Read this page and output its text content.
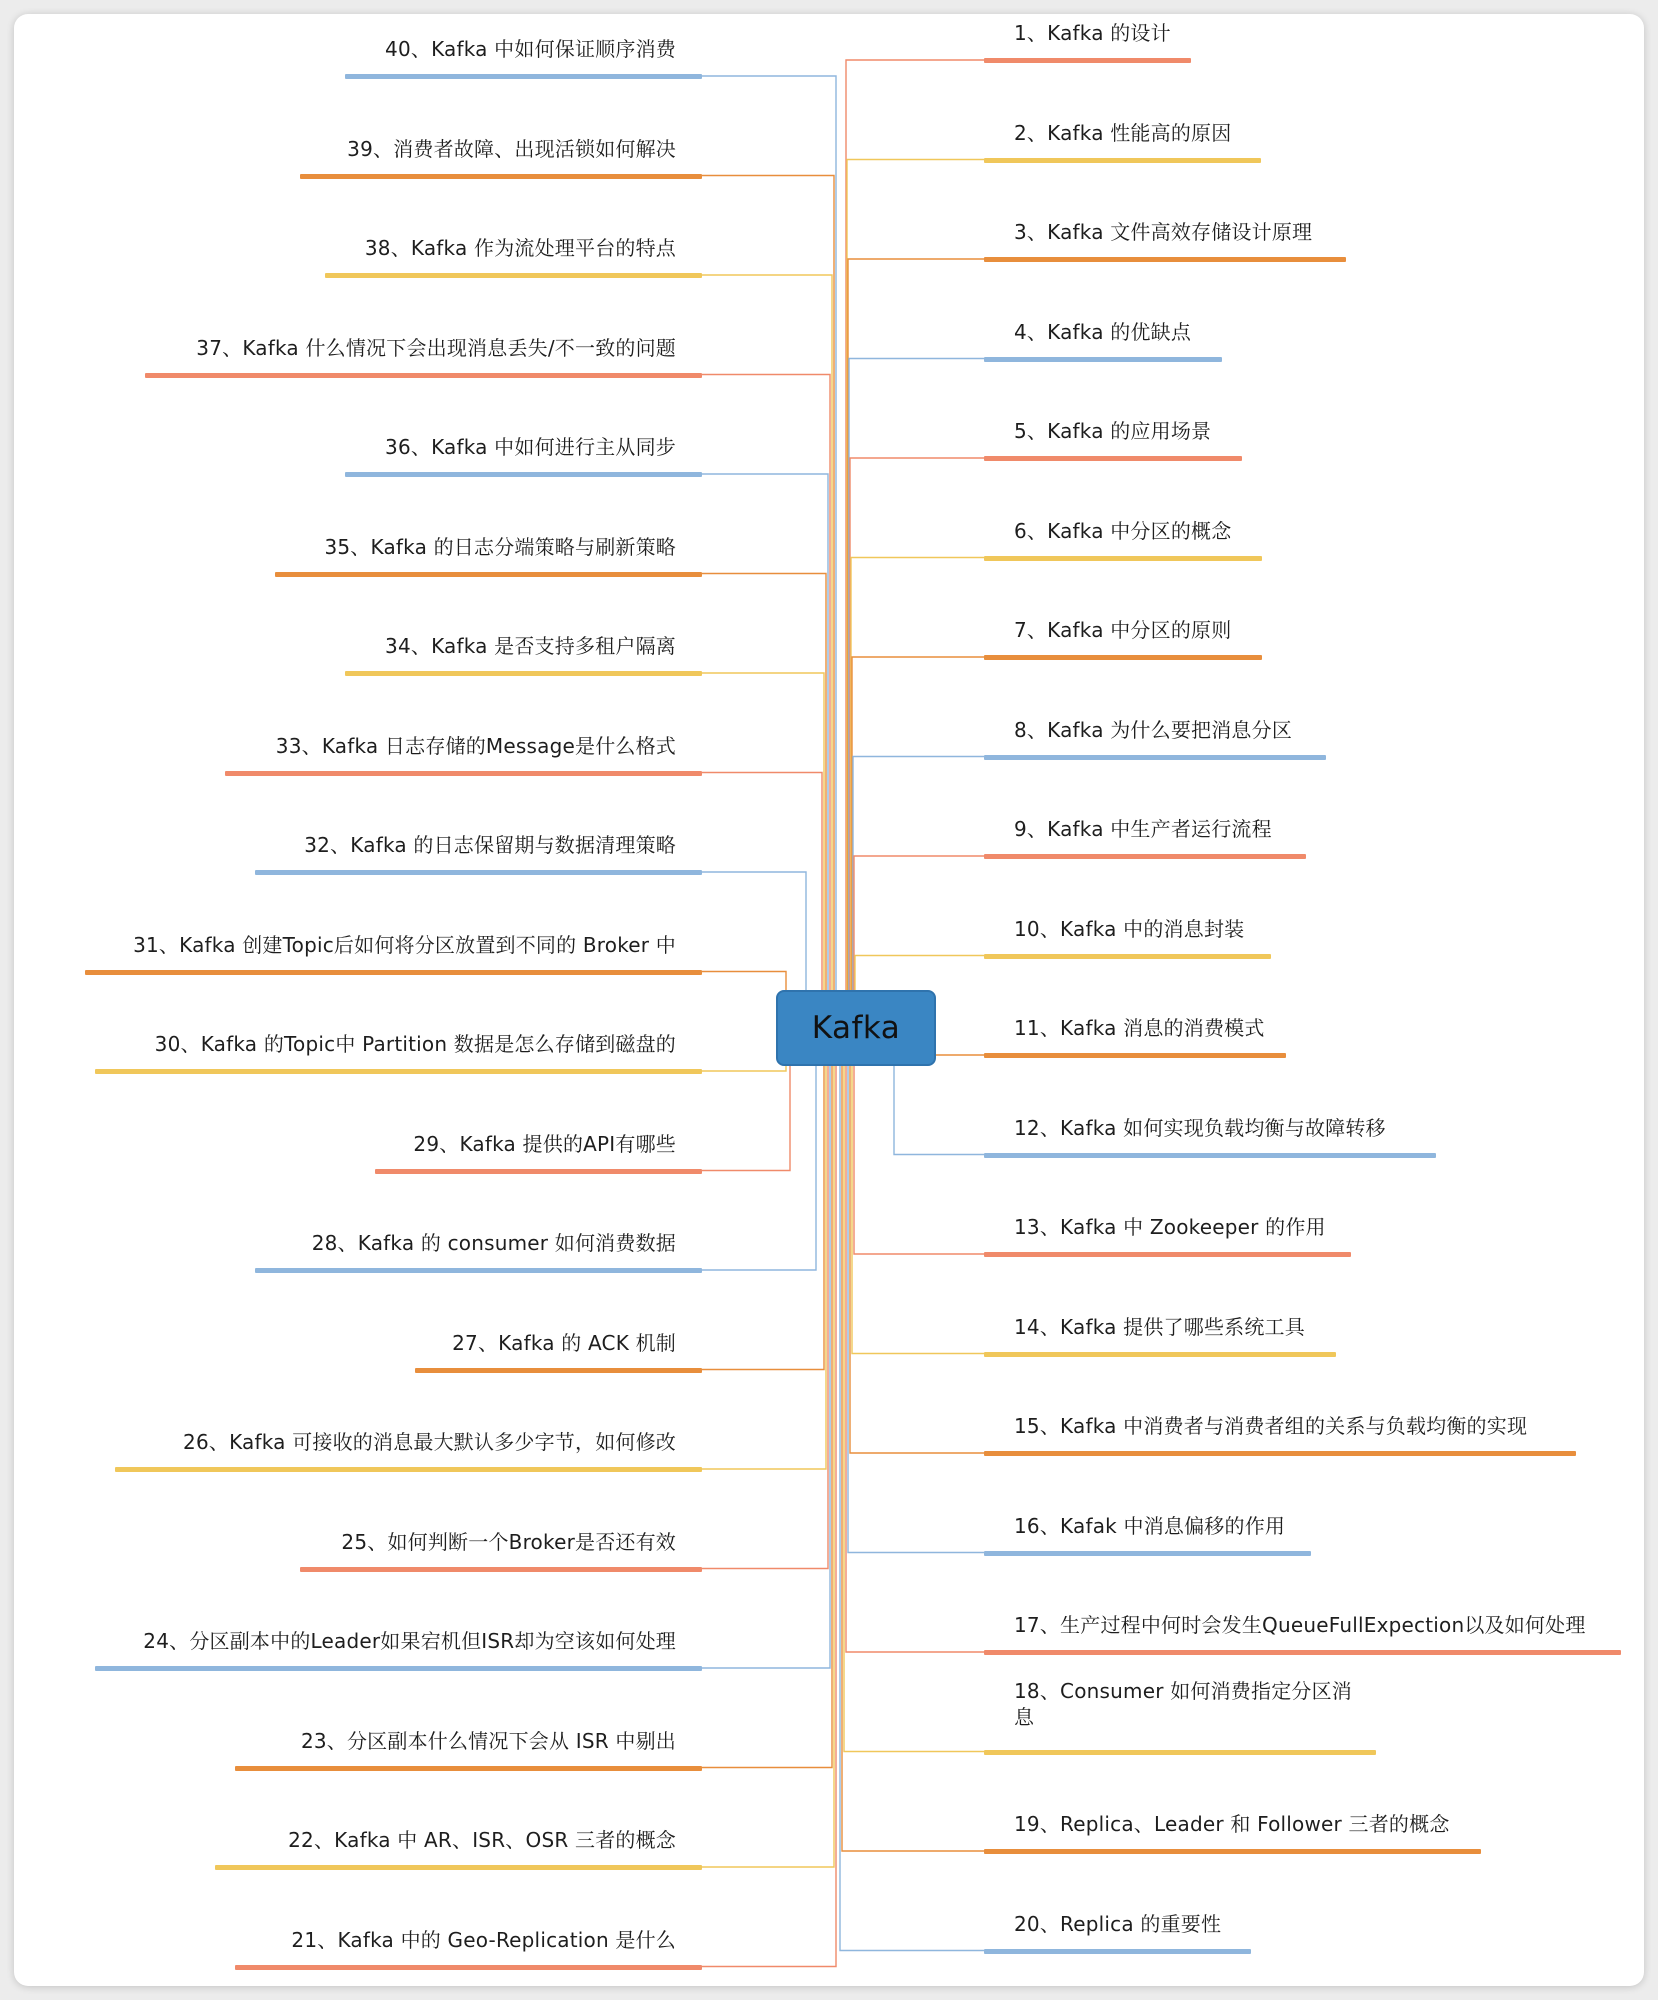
1、Kafka 的设计
2、Kafka 性能高的原因
3、Kafka 文件高效存储设计原理
4、Kafka 的优缺点
5、Kafka 的应用场景
6、Kafka 中分区的概念
7、Kafka 中分区的原则
8、Kafka 为什么要把消息分区
9、Kafka 中生产者运行流程
10、Kafka 中的消息封装
11、Kafka 消息的消费模式
12、Kafka 如何实现负载均衡与故障转移
13、Kafka 中 Zookeeper 的作用
14、Kafka 提供了哪些系统工具
15、Kafka 中消费者与消费者组的关系与负载均衡的实现
16、Kafak 中消息偏移的作用
17、生产过程中何时会发生QueueFullExpection以及如何处理
18、Consumer 如何消费指定分区消息
19、Replica、Leader 和 Follower 三者的概念
20、Replica 的重要性
40、Kafka 中如何保证顺序消费
39、消费者故障、出现活锁如何解决
38、Kafka 作为流处理平台的特点
37、Kafka 什么情况下会出现消息丢失/不一致的问题
36、Kafka 中如何进行主从同步
35、Kafka 的日志分端策略与刷新策略
34、Kafka 是否支持多租户隔离
33、Kafka 日志存储的Message是什么格式
32、Kafka 的日志保留期与数据清理策略
31、Kafka 创建Topic后如何将分区放置到不同的 Broker 中
30、Kafka 的Topic中 Partition 数据是怎么存储到磁盘的
29、Kafka 提供的API有哪些
28、Kafka 的 consumer 如何消费数据
27、Kafka 的 ACK 机制
26、Kafka 可接收的消息最大默认多少字节，如何修改
25、如何判断一个Broker是否还有效
24、分区副本中的Leader如果宕机但ISR却为空该如何处理
23、分区副本什么情况下会从 ISR 中剔出
22、Kafka 中 AR、ISR、OSR 三者的概念
21、Kafka 中的 Geo-Replication 是什么
Kafka
